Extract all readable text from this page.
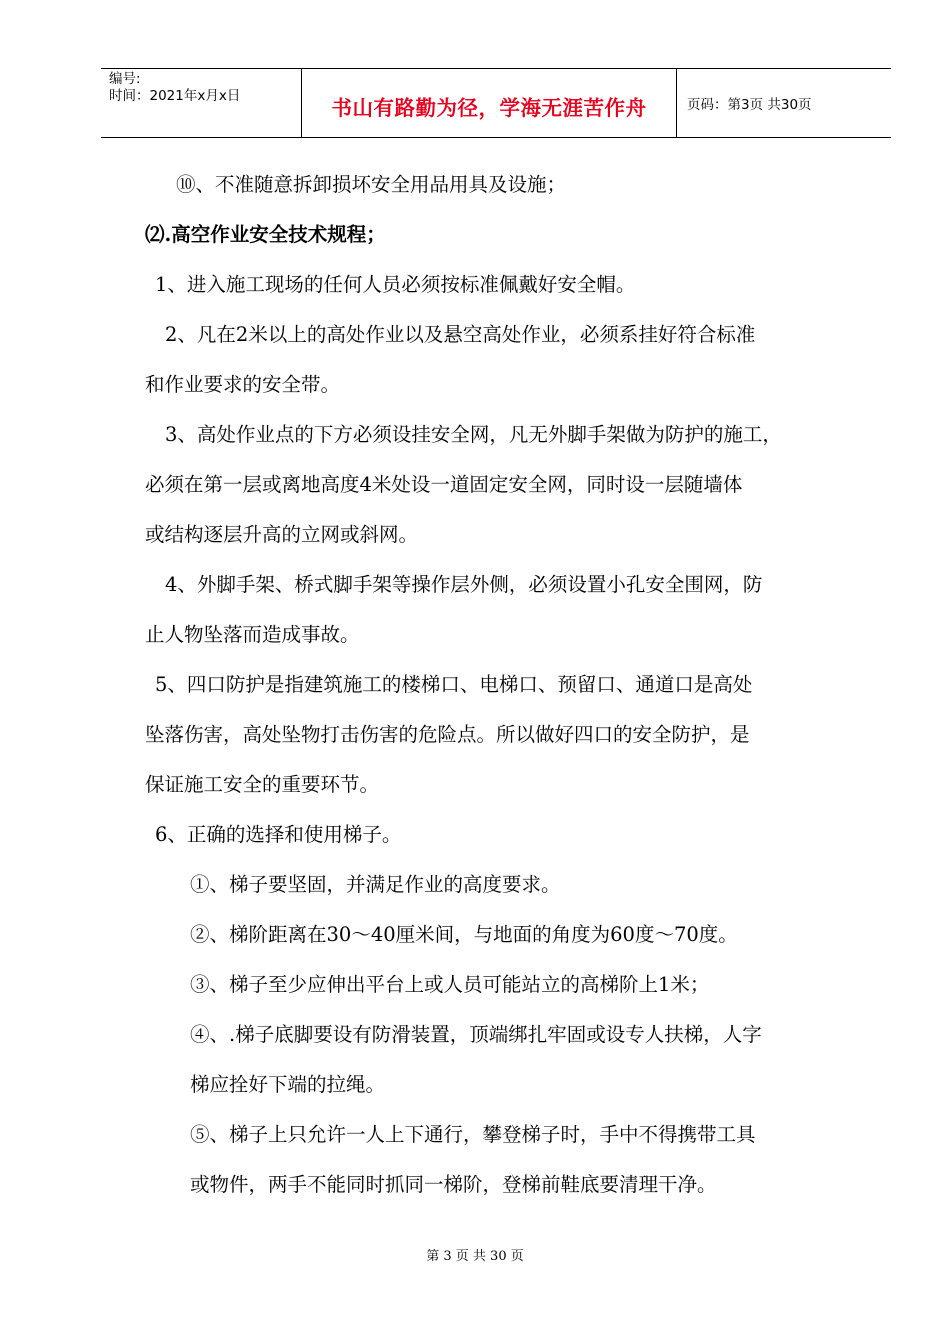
编号:
时间：2021年x月x日	书山有路勤为径，学海无涯苦作舟	页码：第3页 共30页
⑩、不准随意拆卸损坏安全用品用具及设施；
⑵.高空作业安全技术规程；
1、进入施工现场的任何人员必须按标准佩戴好安全帽。
2、凡在2米以上的高处作业以及悬空高处作业，必须系挂好符合标准
和作业要求的安全带。
3、高处作业点的下方必须设挂安全网，凡无外脚手架做为防护的施工，
必须在第一层或离地高度4米处设一道固定安全网，同时设一层随墙体
或结构逐层升高的立网或斜网。
4、外脚手架、桥式脚手架等操作层外侧，必须设置小孔安全围网，防
止人物坠落而造成事故。
5、四口防护是指建筑施工的楼梯口、电梯口、预留口、通道口是高处
坠落伤害，高处坠物打击伤害的危险点。所以做好四口的安全防护，是
保证施工安全的重要环节。
6、正确的选择和使用梯子。
①、梯子要坚固，并满足作业的高度要求。
②、梯阶距离在30～40厘米间，与地面的角度为60度～70度。
③、梯子至少应伸出平台上或人员可能站立的高梯阶上1米；
④、.梯子底脚要设有防滑装置，顶端绑扎牢固或设专人扶梯，人字
梯应拴好下端的拉绳。
⑤、梯子上只允许一人上下通行，攀登梯子时，手中不得携带工具
或物件，两手不能同时抓同一梯阶，登梯前鞋底要清理干净。
第 3 页 共 30 页
